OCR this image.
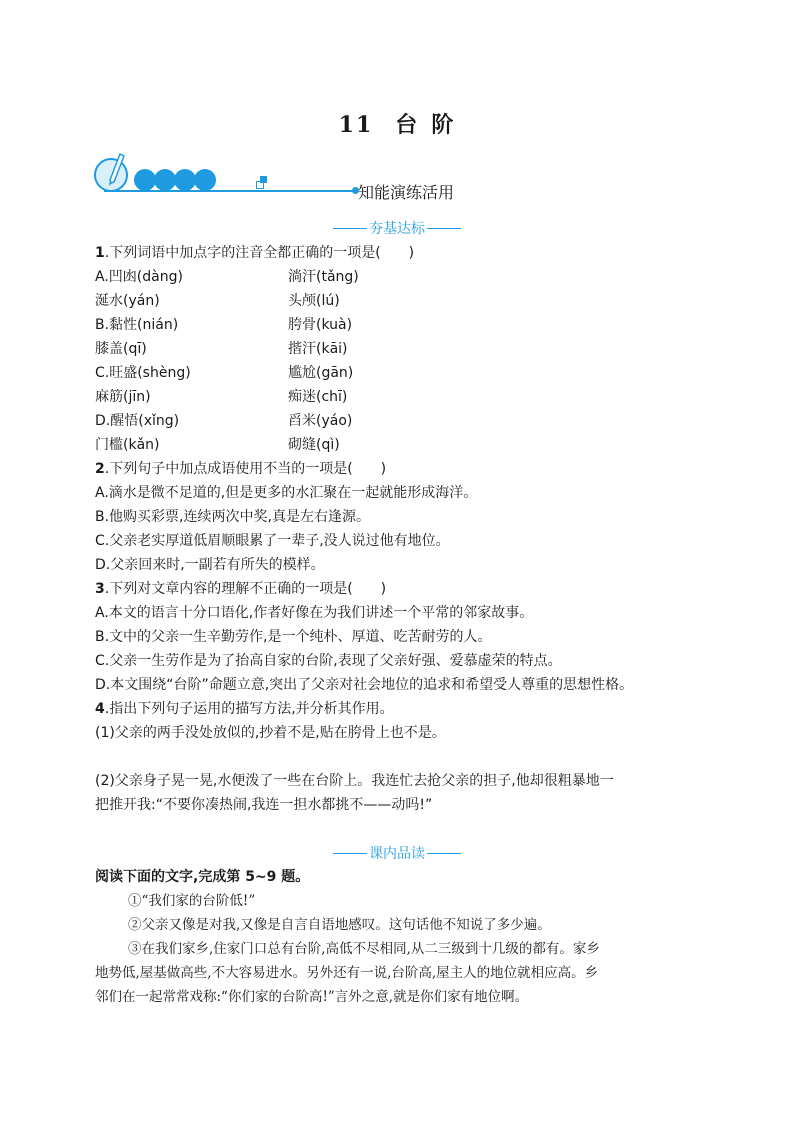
11 台 阶
知能演练活用
夯基达标
1.下列词语中加点字的注音全都正确的一项是(　　)
A.凹凼(dàng)	淌汗(tǎng)
涎水(yán)	头颅(lú)
B.黏性(nián)	胯骨(kuà)
膝盖(qī)	揩汗(kāi)
C.旺盛(shèng)	尴尬(gān)
麻筋(jīn)	痴迷(chī)
D.醒悟(xǐng)	舀米(yáo)
门槛(kǎn)	砌缝(qì)
2.下列句子中加点成语使用不当的一项是(　　)
A.滴水是微不足道的,但是更多的水汇聚在一起就能形成海洋。
B.他购买彩票,连续两次中奖,真是左右逢源。
C.父亲老实厚道低眉顺眼累了一辈子,没人说过他有地位。
D.父亲回来时,一副若有所失的模样。
3.下列对文章内容的理解不正确的一项是(　　)
A.本文的语言十分口语化,作者好像在为我们讲述一个平常的邻家故事。
B.文中的父亲一生辛勤劳作,是一个纯朴、厚道、吃苦耐劳的人。
C.父亲一生劳作是为了抬高自家的台阶,表现了父亲好强、爱慕虚荣的特点。
D.本文围绕“台阶”命题立意,突出了父亲对社会地位的追求和希望受人尊重的思想性格。
4.指出下列句子运用的描写方法,并分析其作用。
(1)父亲的两手没处放似的,抄着不是,贴在胯骨上也不是。
(2)父亲身子晃一晃,水便泼了一些在台阶上。我连忙去抢父亲的担子,他却很粗暴地一
把推开我:“不要你凑热闹,我连一担水都挑不——动吗!”
课内品读
阅读下面的文字,完成第 5~9 题。
①“我们家的台阶低!”
②父亲又像是对我,又像是自言自语地感叹。这句话他不知说了多少遍。
③在我们家乡,住家门口总有台阶,高低不尽相同,从二三级到十几级的都有。家乡
地势低,屋基做高些,不大容易进水。另外还有一说,台阶高,屋主人的地位就相应高。乡
邻们在一起常常戏称:“你们家的台阶高!”言外之意,就是你们家有地位啊。
